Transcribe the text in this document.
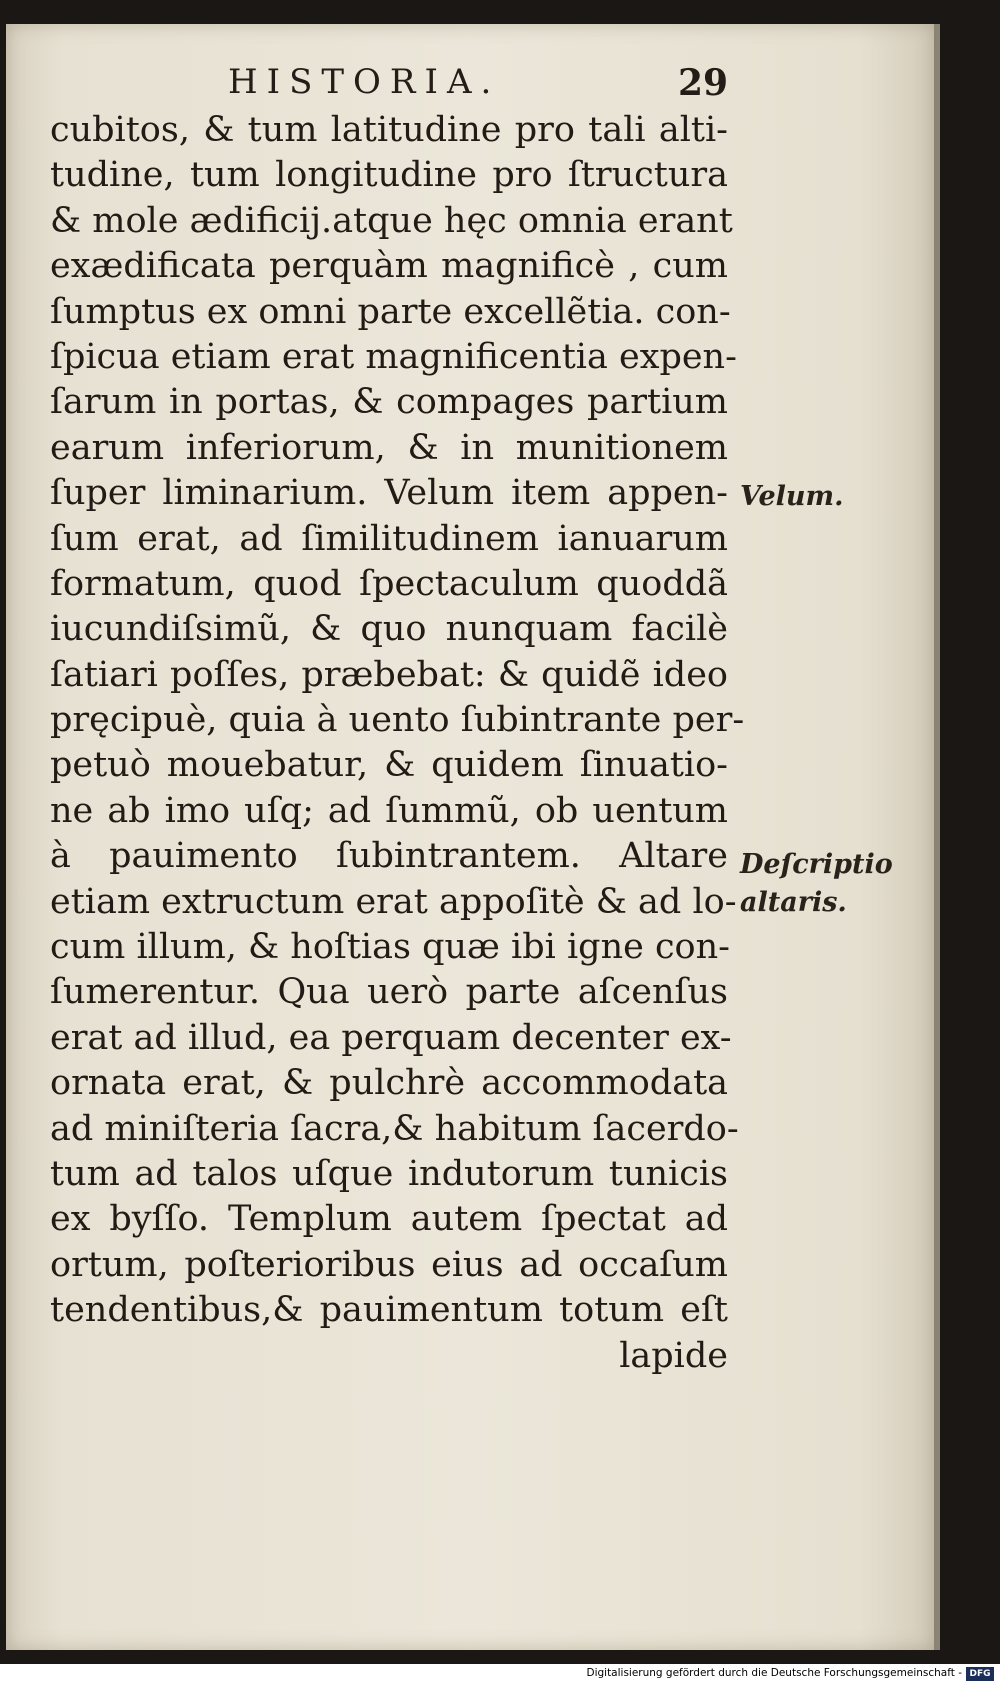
HISTORIA.	29
cubitos, & tum latitudine pro tali alti-
tudine, tum longitudine pro ſtructura
& mole ædificij.atque hęc omnia erant
exædificata perquàm magnificè , cum
ſumptus ex omni parte excellẽtia. con-
ſpicua etiam erat magnificentia expen-
ſarum in portas, & compages partium
earum inferiorum, & in munitionem
ſuper liminarium. Velum item appen-
ſum erat, ad ſimilitudinem ianuarum
formatum, quod ſpectaculum quoddã
iucundiſsimũ, & quo nunquam facilè
ſatiari poſſes, præbebat: & quidẽ ideo
pręcipuè, quia à uento ſubintrante per-
petuò mouebatur, & quidem ſinuatio-
ne ab imo uſq; ad ſummũ, ob uentum
à pauimento ſubintrantem. Altare
etiam extructum erat appoſitè & ad lo-
cum illum, & hoſtias quæ ibi igne con-
ſumerentur. Qua uerò parte aſcenſus
erat ad illud, ea perquam decenter ex-
ornata erat, & pulchrè accommodata
ad miniſteria ſacra,& habitum ſacerdo-
tum ad talos uſque indutorum tunicis
ex byſſo. Templum autem ſpectat ad
ortum, poſterioribus eius ad occaſum
tendentibus,& pauimentum totum eſt
lapide
Velum.
Deſcriptio
altaris.
Digitalisierung gefördert durch die Deutsche Forschungsgemeinschaft - DFG
